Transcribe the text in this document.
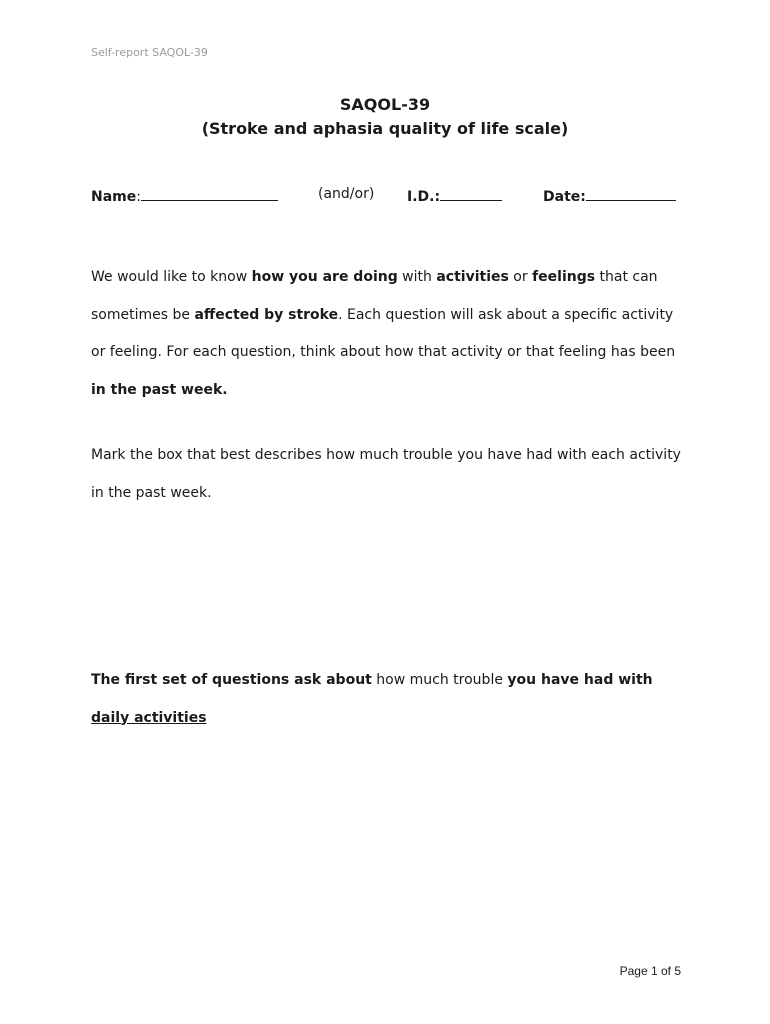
Self-report SAQOL-39
SAQOL-39
(Stroke and aphasia quality of life scale)
Name:	(and/or) I.D.:	Date:
We would like to know how you are doing with activities or feelings that can sometimes be affected by stroke. Each question will ask about a specific activity or feeling. For each question, think about how that activity or that feeling has been in the past week.
Mark the box that best describes how much trouble you have had with each activity in the past week.
The first set of questions ask about how much trouble you have had with daily activities
Page 1 of 5
